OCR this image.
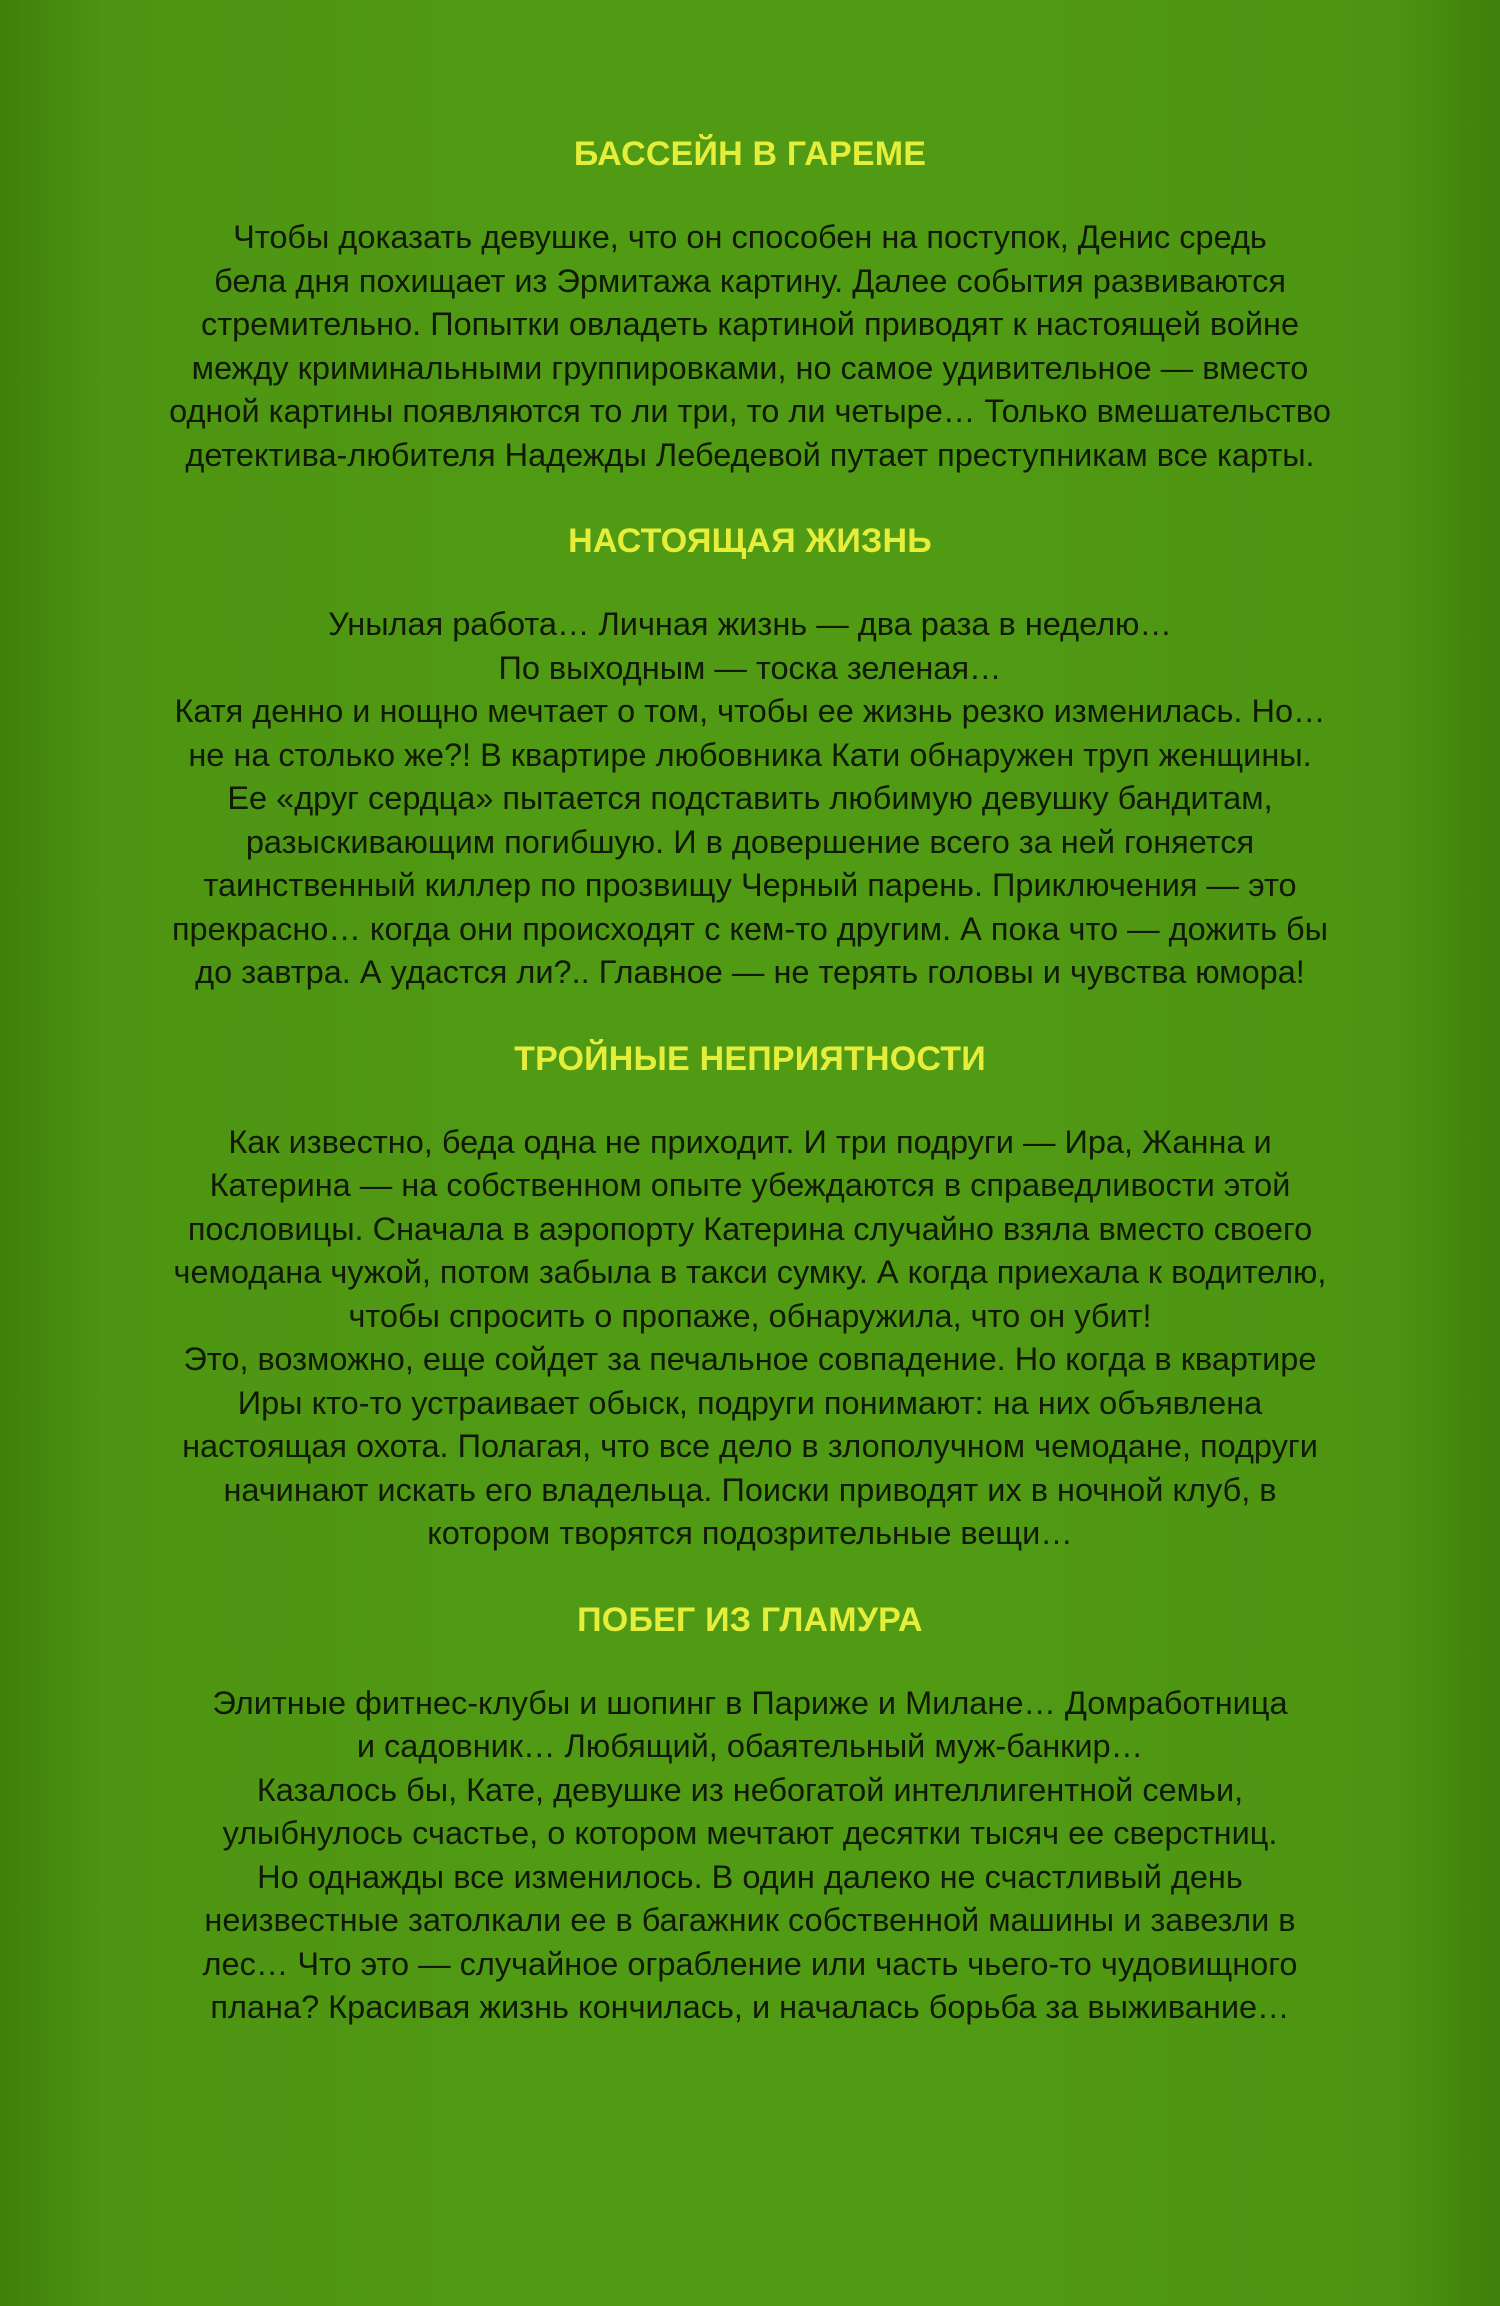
БАССЕЙН В ГАРЕМЕ

Чтобы доказать девушке, что он способен на поступок, Денис средь
бела дня похищает из Эрмитажа картину. Далее события развиваются
стремительно. Попытки овладеть картиной приводят к настоящей войне
между криминальными группировками, но самое удивительное — вместо
одной картины появляются то ли три, то ли четыре… Только вмешательство
детектива-любителя Надежды Лебедевой путает преступникам все карты.

НАСТОЯЩАЯ ЖИЗНЬ

Унылая работа… Личная жизнь — два раза в неделю…
По выходным — тоска зеленая…
Катя денно и нощно мечтает о том, чтобы ее жизнь резко изменилась. Но…
не на столько же?! В квартире любовника Кати обнаружен труп женщины.
Ее «друг сердца» пытается подставить любимую девушку бандитам,
разыскивающим погибшую. И в довершение всего за ней гоняется
таинственный киллер по прозвищу Черный парень. Приключения — это
прекрасно… когда они происходят с кем-то другим. А пока что — дожить бы
до завтра. А удастся ли?.. Главное — не терять головы и чувства юмора!

ТРОЙНЫЕ НЕПРИЯТНОСТИ

Как известно, беда одна не приходит. И три подруги — Ира, Жанна и
Катерина — на собственном опыте убеждаются в справедливости этой
пословицы. Сначала в аэропорту Катерина случайно взяла вместо своего
чемодана чужой, потом забыла в такси сумку. А когда приехала к водителю,
чтобы спросить о пропаже, обнаружила, что он убит!
Это, возможно, еще сойдет за печальное совпадение. Но когда в квартире
Иры кто-то устраивает обыск, подруги понимают: на них объявлена
настоящая охота. Полагая, что все дело в злополучном чемодане, подруги
начинают искать его владельца. Поиски приводят их в ночной клуб, в
котором творятся подозрительные вещи…

ПОБЕГ ИЗ ГЛАМУРА

Элитные фитнес-клубы и шопинг в Париже и Милане… Домработница
и садовник… Любящий, обаятельный муж-банкир…
Казалось бы, Кате, девушке из небогатой интеллигентной семьи,
улыбнулось счастье, о котором мечтают десятки тысяч ее сверстниц.
Но однажды все изменилось. В один далеко не счастливый день
неизвестные затолкали ее в багажник собственной машины и завезли в
лес… Что это — случайное ограбление или часть чьего-то чудовищного
плана? Красивая жизнь кончилась, и началась борьба за выживание…
